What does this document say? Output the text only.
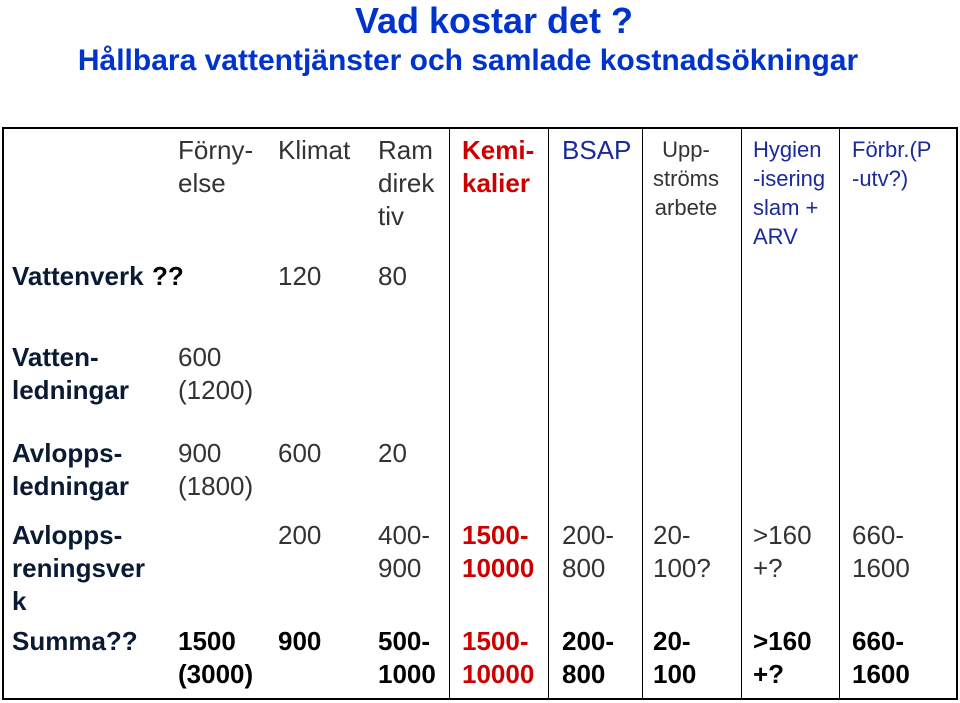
Vad kostar det ?
Hållbara vattentjänster och samlade kostnadsökningar
Förny-
else
Klimat Ram
direk
tiv
Kemi-
kalier
BSAP	Upp-
ströms
arbete
Hygien
-isering
slam +
ARV
Förbr.(P
-utv?)
Vattenverk ??	120 80
Vatten-
ledningar
600
(1200)
Avlopps-
ledningar
900
(1800)
600 20
Avlopps-
reningsver
k
200 400-
900
1500-
10000
200-
800
20-
100?
>160
+?
660-
1600
Summa?? 1500
(3000)
900 500-
1000
1500-
10000
200-
800
20-
100
>160
+?
660-
1600
